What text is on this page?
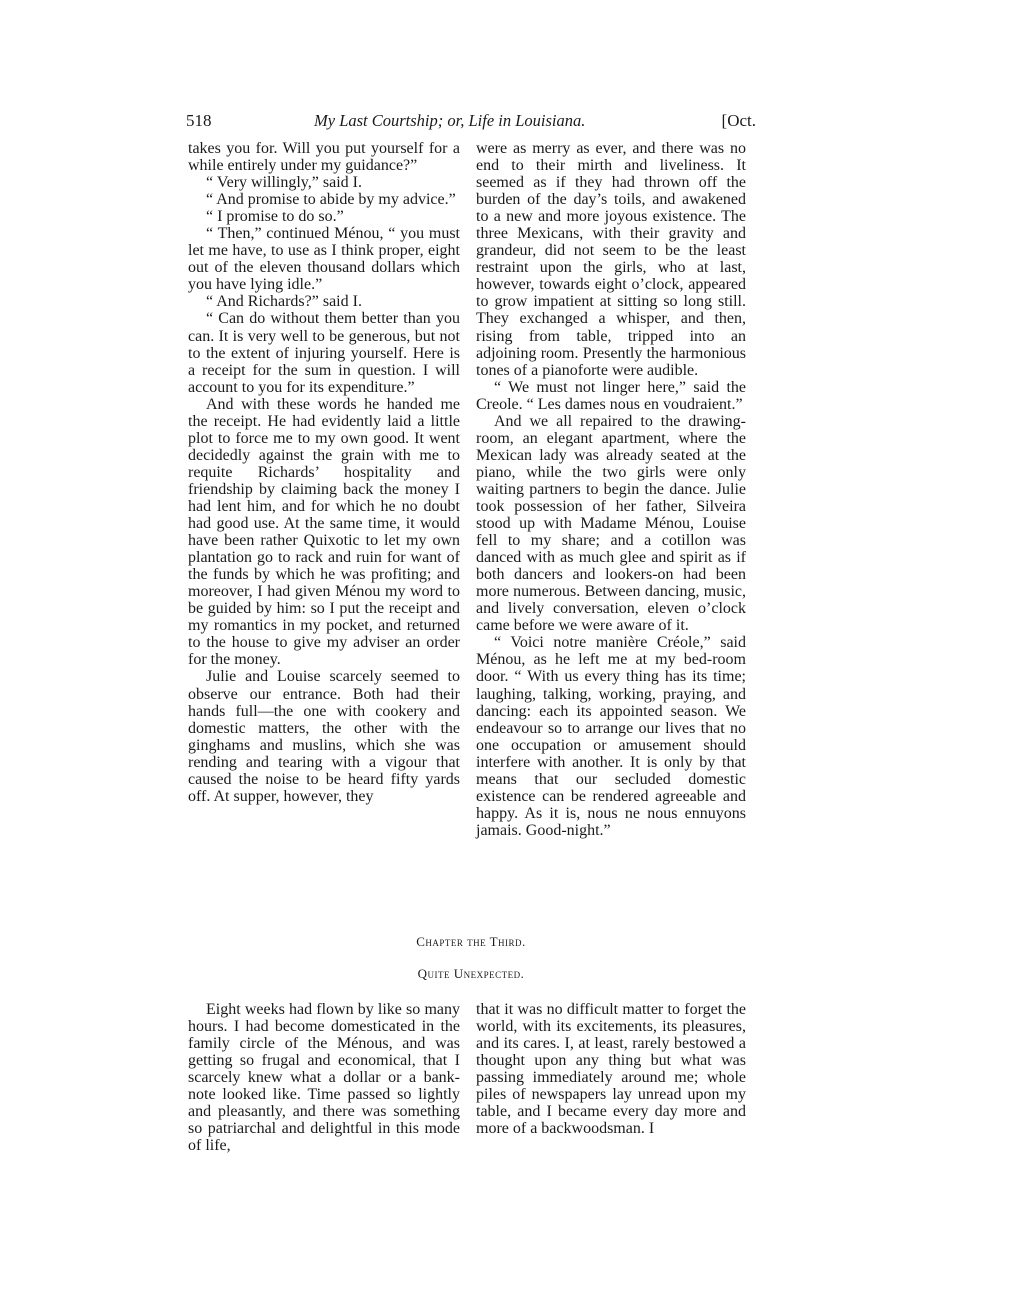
518	My Last Courtship; or, Life in Louisiana.	[Oct.

takes you for. Will you put yourself for a while entirely under my guidance?”

“ Very willingly,” said I.

“ And promise to abide by my advice.”

“ I promise to do so.”

“ Then,” continued Ménou, “ you must let me have, to use as I think proper, eight out of the eleven thousand dollars which you have lying idle.”

“ And Richards?” said I.

“ Can do without them better than you can. It is very well to be generous, but not to the extent of injuring yourself. Here is a receipt for the sum in question. I will account to you for its expenditure.”

And with these words he handed me the receipt. He had evidently laid a little plot to force me to my own good. It went decidedly against the grain with me to requite Richards’ hospitality and friendship by claiming back the money I had lent him, and for which he no doubt had good use. At the same time, it would have been rather Quixotic to let my own plantation go to rack and ruin for want of the funds by which he was profiting; and moreover, I had given Ménou my word to be guided by him: so I put the receipt and my romantics in my pocket, and returned to the house to give my adviser an order for the money.

Julie and Louise scarcely seemed to observe our entrance. Both had their hands full—the one with cookery and domestic matters, the other with the ginghams and muslins, which she was rending and tearing with a vigour that caused the noise to be heard fifty yards off. At supper, however, they

were as merry as ever, and there was no end to their mirth and liveliness. It seemed as if they had thrown off the burden of the day’s toils, and awakened to a new and more joyous existence. The three Mexicans, with their gravity and grandeur, did not seem to be the least restraint upon the girls, who at last, however, towards eight o’clock, appeared to grow impatient at sitting so long still. They exchanged a whisper, and then, rising from table, tripped into an adjoining room. Presently the harmonious tones of a pianoforte were audible.

“ We must not linger here,” said the Creole. “ Les dames nous en voudraient.”

And we all repaired to the drawing-room, an elegant apartment, where the Mexican lady was already seated at the piano, while the two girls were only waiting partners to begin the dance. Julie took possession of her father, Silveira stood up with Madame Ménou, Louise fell to my share; and a cotillon was danced with as much glee and spirit as if both dancers and lookers-on had been more numerous. Between dancing, music, and lively conversation, eleven o’clock came before we were aware of it.

“ Voici notre manière Créole,” said Ménou, as he left me at my bed-room door. “ With us every thing has its time; laughing, talking, working, praying, and dancing: each its appointed season. We endeavour so to arrange our lives that no one occupation or amusement should interfere with another. It is only by that means that our secluded domestic existence can be rendered agreeable and happy. As it is, nous ne nous ennuyons jamais. Good-night.”

Chapter the Third.
Quite Unexpected.

Eight weeks had flown by like so many hours. I had become domesticated in the family circle of the Ménous, and was getting so frugal and economical, that I scarcely knew what a dollar or a bank-note looked like. Time passed so lightly and pleasantly, and there was something so patriarchal and delightful in this mode of life,

that it was no difficult matter to forget the world, with its excitements, its pleasures, and its cares. I, at least, rarely bestowed a thought upon any thing but what was passing immediately around me; whole piles of newspapers lay unread upon my table, and I became every day more and more of a backwoodsman. I
